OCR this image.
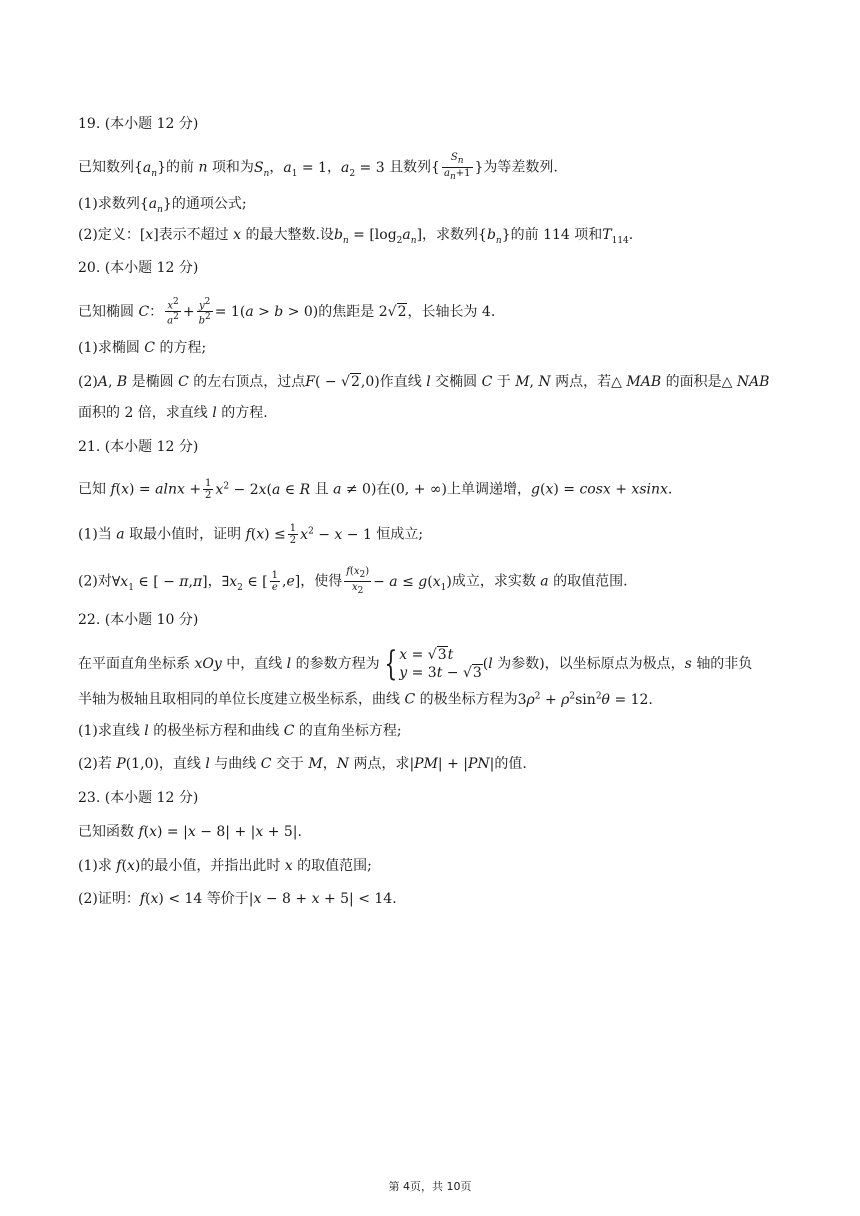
19. (本小题 12 分)
已知数列$\{a_n\}$的前 n 项和为$S_n$，$a_1 = 1$，$a_2 = 3$ 且数列{ $\frac{S_n}{a_n+1}$ }为等差数列.
(1)求数列$\{a_n\}$的通项公式;
(2)定义：[x]表示不超过 x 的最大整数.设$b_n = [\log_2a_n]$，求数列$\{b_n\}$的前 114 项和$T_{114}$.
20. (本小题 12 分)
已知椭圆 C： $\frac{x^2}{a^2} + \frac{y^2}{b^2} = 1(a > b > 0)$的焦距是 2√2，长轴长为 4.
(1)求椭圆 C 的方程;
(2)A, B 是椭圆 C 的左右顶点，过点F( − √2,0)作直线 l 交椭圆 C 于 M, N 两点，若△ MAB 的面积是△ NAB
面积的 2 倍，求直线 l 的方程.
21. (本小题 12 分)
已知 $f(x) = alnx + \frac{1}{2} x^2 - 2x(a$ ∈ R 且 a ≠ 0)在(0, + ∞)上单调递增，g(x) = cosx + xsinx.
(1)当 a 取最小值时，证明 $f(x) \le \frac{1}{2} x^2 - x - 1$ 恒成立;
(2)对$\forall x_1$ ∈ [ − π,π]，$\exists x_2$ ∈ [ $\frac{1}{e} ,e$]，使得 $\frac{f(x_2)}{x_2} - a \le g(x_1)$成立，求实数 a 的取值范围.
22. (本小题 10 分)
在平面直角坐标系 xOy 中，直线 l 的参数方程为 { x = √3t
y = 3t − √3
(l 为参数)，以坐标原点为极点，s 轴的非负
半轴为极轴且取相同的单位长度建立极坐标系，曲线 C 的极坐标方程为$3\rho^2 + \rho^2\sin^2\theta = 12$.
(1)求直线 l 的极坐标方程和曲线 C 的直角坐标方程;
(2)若 P(1,0)，直线 l 与曲线 C 交于 M，N 两点，求|PM| + |PN|的值.
23. (本小题 12 分)
已知函数 f(x) = |x − 8| + |x + 5|.
(1)求 f(x)的最小值，并指出此时 x 的取值范围;
(2)证明：f(x) < 14 等价于|x − 8 + x + 5| < 14.
第 4页，共 10页
